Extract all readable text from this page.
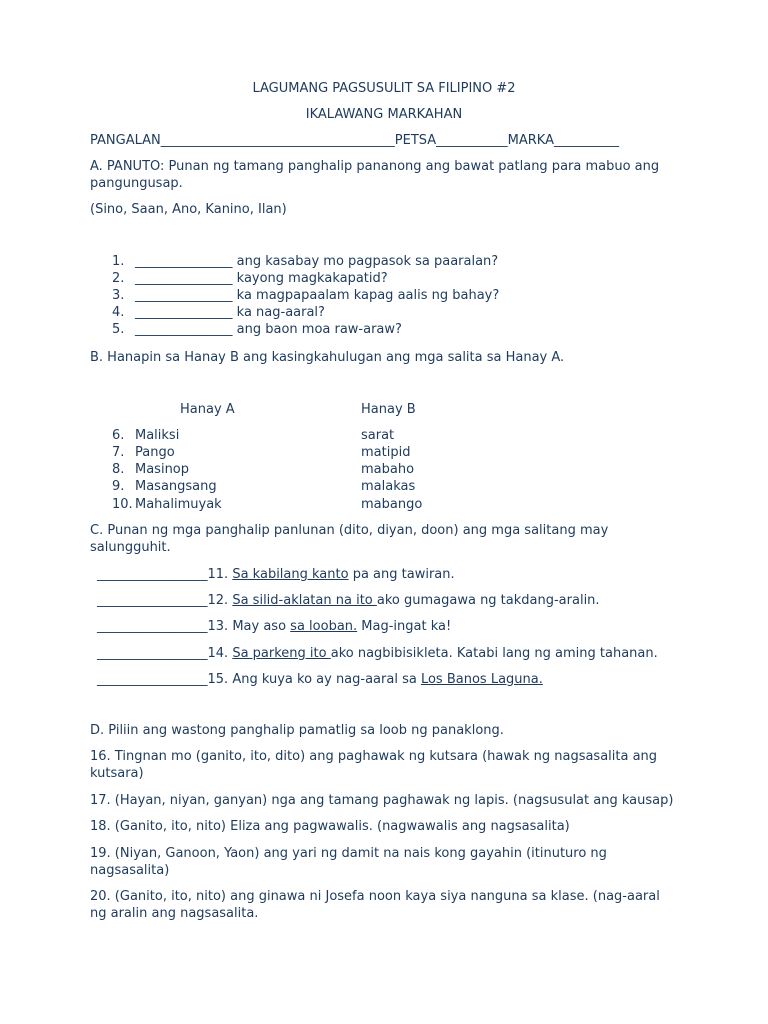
LAGUMANG PAGSUSULIT SA FILIPINO #2
IKALAWANG MARKAHAN
PANGALAN____________________________________PETSA___________MARKA__________
A. PANUTO: Punan ng tamang panghalip pananong ang bawat patlang para mabuo ang pangungusap.
(Sino, Saan, Ano, Kanino, Ilan)
1. _______________ ang kasabay mo pagpasok sa paaralan?
2. _______________ kayong magkakapatid?
3. _______________ ka magpapaalam kapag aalis ng bahay?
4. _______________ ka nag-aaral?
5. _______________ ang baon moa raw-araw?
B. Hanapin sa Hanay B ang kasingkahulugan ang mga salita sa Hanay A.
Hanay A	Hanay B
6. Maliksi	sarat
7. Pango	matipid
8. Masinop	mabaho
9. Masangsang	malakas
10. Mahalimuyak	mabango
C. Punan ng mga panghalip panlunan (dito, diyan, doon) ang mga salitang may salungguhit.
_________________11. Sa kabilang kanto pa ang tawiran.
_________________12. Sa silid-aklatan na ito ako gumagawa ng takdang-aralin.
_________________13. May aso sa looban. Mag-ingat ka!
_________________14. Sa parkeng ito ako nagbibisikleta. Katabi lang ng aming tahanan.
_________________15. Ang kuya ko ay nag-aaral sa Los Banos Laguna.
D. Piliin ang wastong panghalip pamatlig sa loob ng panaklong.
16. Tingnan mo (ganito, ito, dito) ang paghawak ng kutsara (hawak ng nagsasalita ang kutsara)
17. (Hayan, niyan, ganyan) nga ang tamang paghawak ng lapis. (nagsusulat ang kausap)
18. (Ganito, ito, nito) Eliza ang pagwawalis. (nagwawalis ang nagsasalita)
19. (Niyan, Ganoon, Yaon) ang yari ng damit na nais kong gayahin (itinuturo ng nagsasalita)
20. (Ganito, ito, nito) ang ginawa ni Josefa noon kaya siya nanguna sa klase. (nag-aaral ng aralin ang nagsasalita.
